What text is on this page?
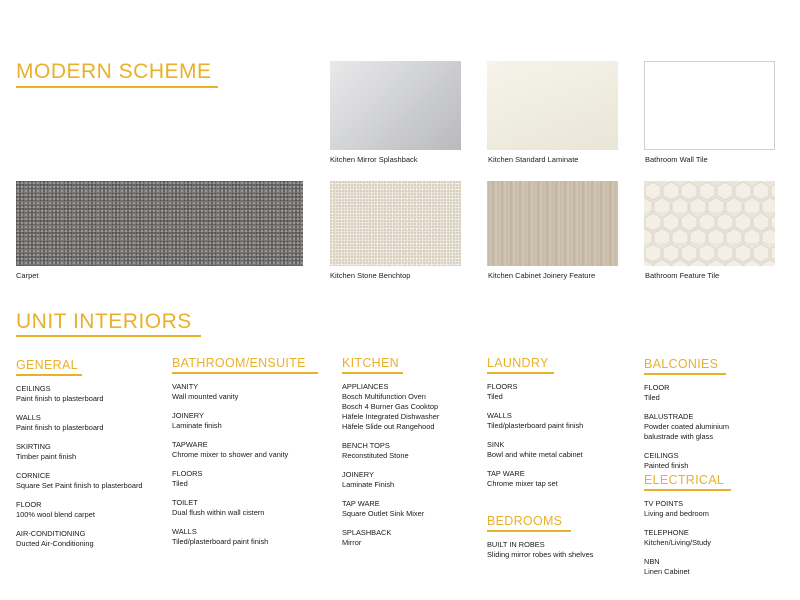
MODERN SCHEME
Kitchen Mirror Splashback	Kitchen Standard Laminate	Bathroom Wall Tile
Carpet	Kitchen Stone Benchtop	Kitchen Cabinet Joinery Feature	Bathroom Feature Tile
UNIT INTERIORS
GENERAL
CEILINGS
Paint finish to plasterboard
WALLS
Paint finish to plasterboard
SKIRTING
Timber paint finish
CORNICE
Square Set Paint finish to plasterboard
FLOOR
100% wool blend carpet
AIR-CONDITIONING
Ducted Air-Conditioning
BATHROOM/ENSUITE
VANITY
Wall mounted vanity
JOINERY
Laminate finish
TAPWARE
Chrome mixer to shower and vanity
FLOORS
Tiled
TOILET
Dual flush within wall cistern
WALLS
Tiled/plasterboard paint finish
KITCHEN
APPLIANCES
Bosch Multifunction Oven
Bosch 4 Burner Gas Cooktop
Häfele Integrated Dishwasher
Häfele Slide out Rangehood
BENCH TOPS
Reconstituted Stone
JOINERY
Laminate Finish
TAP WARE
Square Outlet Sink Mixer
SPLASHBACK
Mirror
LAUNDRY
FLOORS
Tiled
WALLS
Tiled/plasterboard paint finish
SINK
Bowl and white metal cabinet
TAP WARE
Chrome mixer tap set
BEDROOMS
BUILT IN ROBES
Sliding mirror robes with shelves
BALCONIES
FLOOR
Tiled
BALUSTRADE
Powder coated aluminium
balustrade with glass
CEILINGS
Painted finish
ELECTRICAL
TV POINTS
Living and bedroom
TELEPHONE
Kitchen/Living/Study
NBN
Linen Cabinet
